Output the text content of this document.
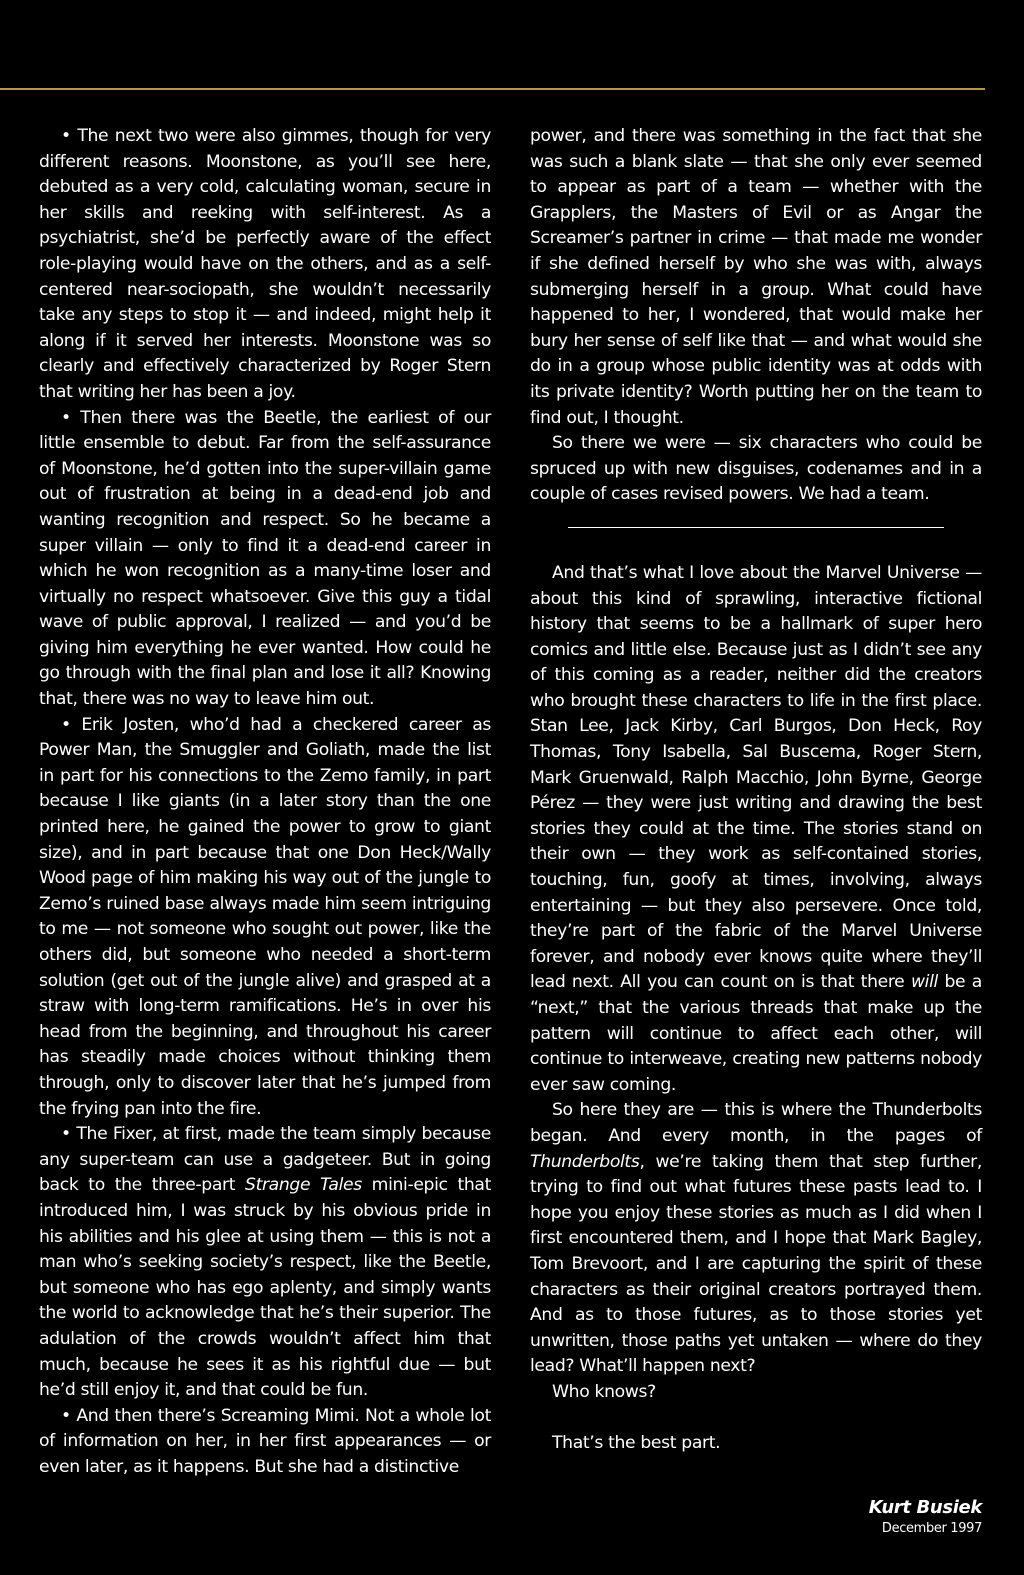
• The next two were also gimmes, though for very different reasons. Moonstone, as you’ll see here, debuted as a very cold, calculating woman, secure in her skills and reeking with self-interest. As a psychiatrist, she’d be perfectly aware of the effect role-playing would have on the others, and as a self-centered near-sociopath, she wouldn’t necessarily take any steps to stop it — and indeed, might help it along if it served her interests. Moonstone was so clearly and effectively characterized by Roger Stern that writing her has been a joy.

• Then there was the Beetle, the earliest of our little ensemble to debut. Far from the self-assurance of Moonstone, he’d gotten into the super-villain game out of frustration at being in a dead-end job and wanting recognition and respect. So he became a super villain — only to find it a dead-end career in which he won recognition as a many-time loser and virtually no respect whatsoever. Give this guy a tidal wave of public approval, I realized — and you’d be giving him everything he ever wanted. How could he go through with the final plan and lose it all? Knowing that, there was no way to leave him out.

• Erik Josten, who’d had a checkered career as Power Man, the Smuggler and Goliath, made the list in part for his connections to the Zemo family, in part because I like giants (in a later story than the one printed here, he gained the power to grow to giant size), and in part because that one Don Heck/Wally Wood page of him making his way out of the jungle to Zemo’s ruined base always made him seem intriguing to me — not someone who sought out power, like the others did, but someone who needed a short-term solution (get out of the jungle alive) and grasped at a straw with long-term ramifications. He’s in over his head from the beginning, and throughout his career has steadily made choices without thinking them through, only to discover later that he’s jumped from the frying pan into the fire.

• The Fixer, at first, made the team simply because any super-team can use a gadgeteer. But in going back to the three-part Strange Tales mini-epic that introduced him, I was struck by his obvious pride in his abilities and his glee at using them — this is not a man who’s seeking society’s respect, like the Beetle, but someone who has ego aplenty, and simply wants the world to acknowledge that he’s their superior. The adulation of the crowds wouldn’t affect him that much, because he sees it as his rightful due — but he’d still enjoy it, and that could be fun.

• And then there’s Screaming Mimi. Not a whole lot of information on her, in her first appearances — or even later, as it happens. But she had a distinctive

power, and there was something in the fact that she was such a blank slate — that she only ever seemed to appear as part of a team — whether with the Grapplers, the Masters of Evil or as Angar the Screamer’s partner in crime — that made me wonder if she defined herself by who she was with, always submerging herself in a group. What could have happened to her, I wondered, that would make her bury her sense of self like that — and what would she do in a group whose public identity was at odds with its private identity? Worth putting her on the team to find out, I thought.

So there we were — six characters who could be spruced up with new disguises, codenames and in a couple of cases revised powers. We had a team.

And that’s what I love about the Marvel Universe — about this kind of sprawling, interactive fictional history that seems to be a hallmark of super hero comics and little else. Because just as I didn’t see any of this coming as a reader, neither did the creators who brought these characters to life in the first place. Stan Lee, Jack Kirby, Carl Burgos, Don Heck, Roy Thomas, Tony Isabella, Sal Buscema, Roger Stern, Mark Gruenwald, Ralph Macchio, John Byrne, George Pérez — they were just writing and drawing the best stories they could at the time. The stories stand on their own — they work as self-contained stories, touching, fun, goofy at times, involving, always entertaining — but they also persevere. Once told, they’re part of the fabric of the Marvel Universe forever, and nobody ever knows quite where they’ll lead next. All you can count on is that there will be a “next,” that the various threads that make up the pattern will continue to affect each other, will continue to interweave, creating new patterns nobody ever saw coming.

So here they are — this is where the Thunderbolts began. And every month, in the pages of Thunderbolts, we’re taking them that step further, trying to find out what futures these pasts lead to. I hope you enjoy these stories as much as I did when I first encountered them, and I hope that Mark Bagley, Tom Brevoort, and I are capturing the spirit of these characters as their original creators portrayed them. And as to those futures, as to those stories yet unwritten, those paths yet untaken — where do they lead? What’ll happen next?

Who knows?

That’s the best part.

Kurt Busiek
December 1997
